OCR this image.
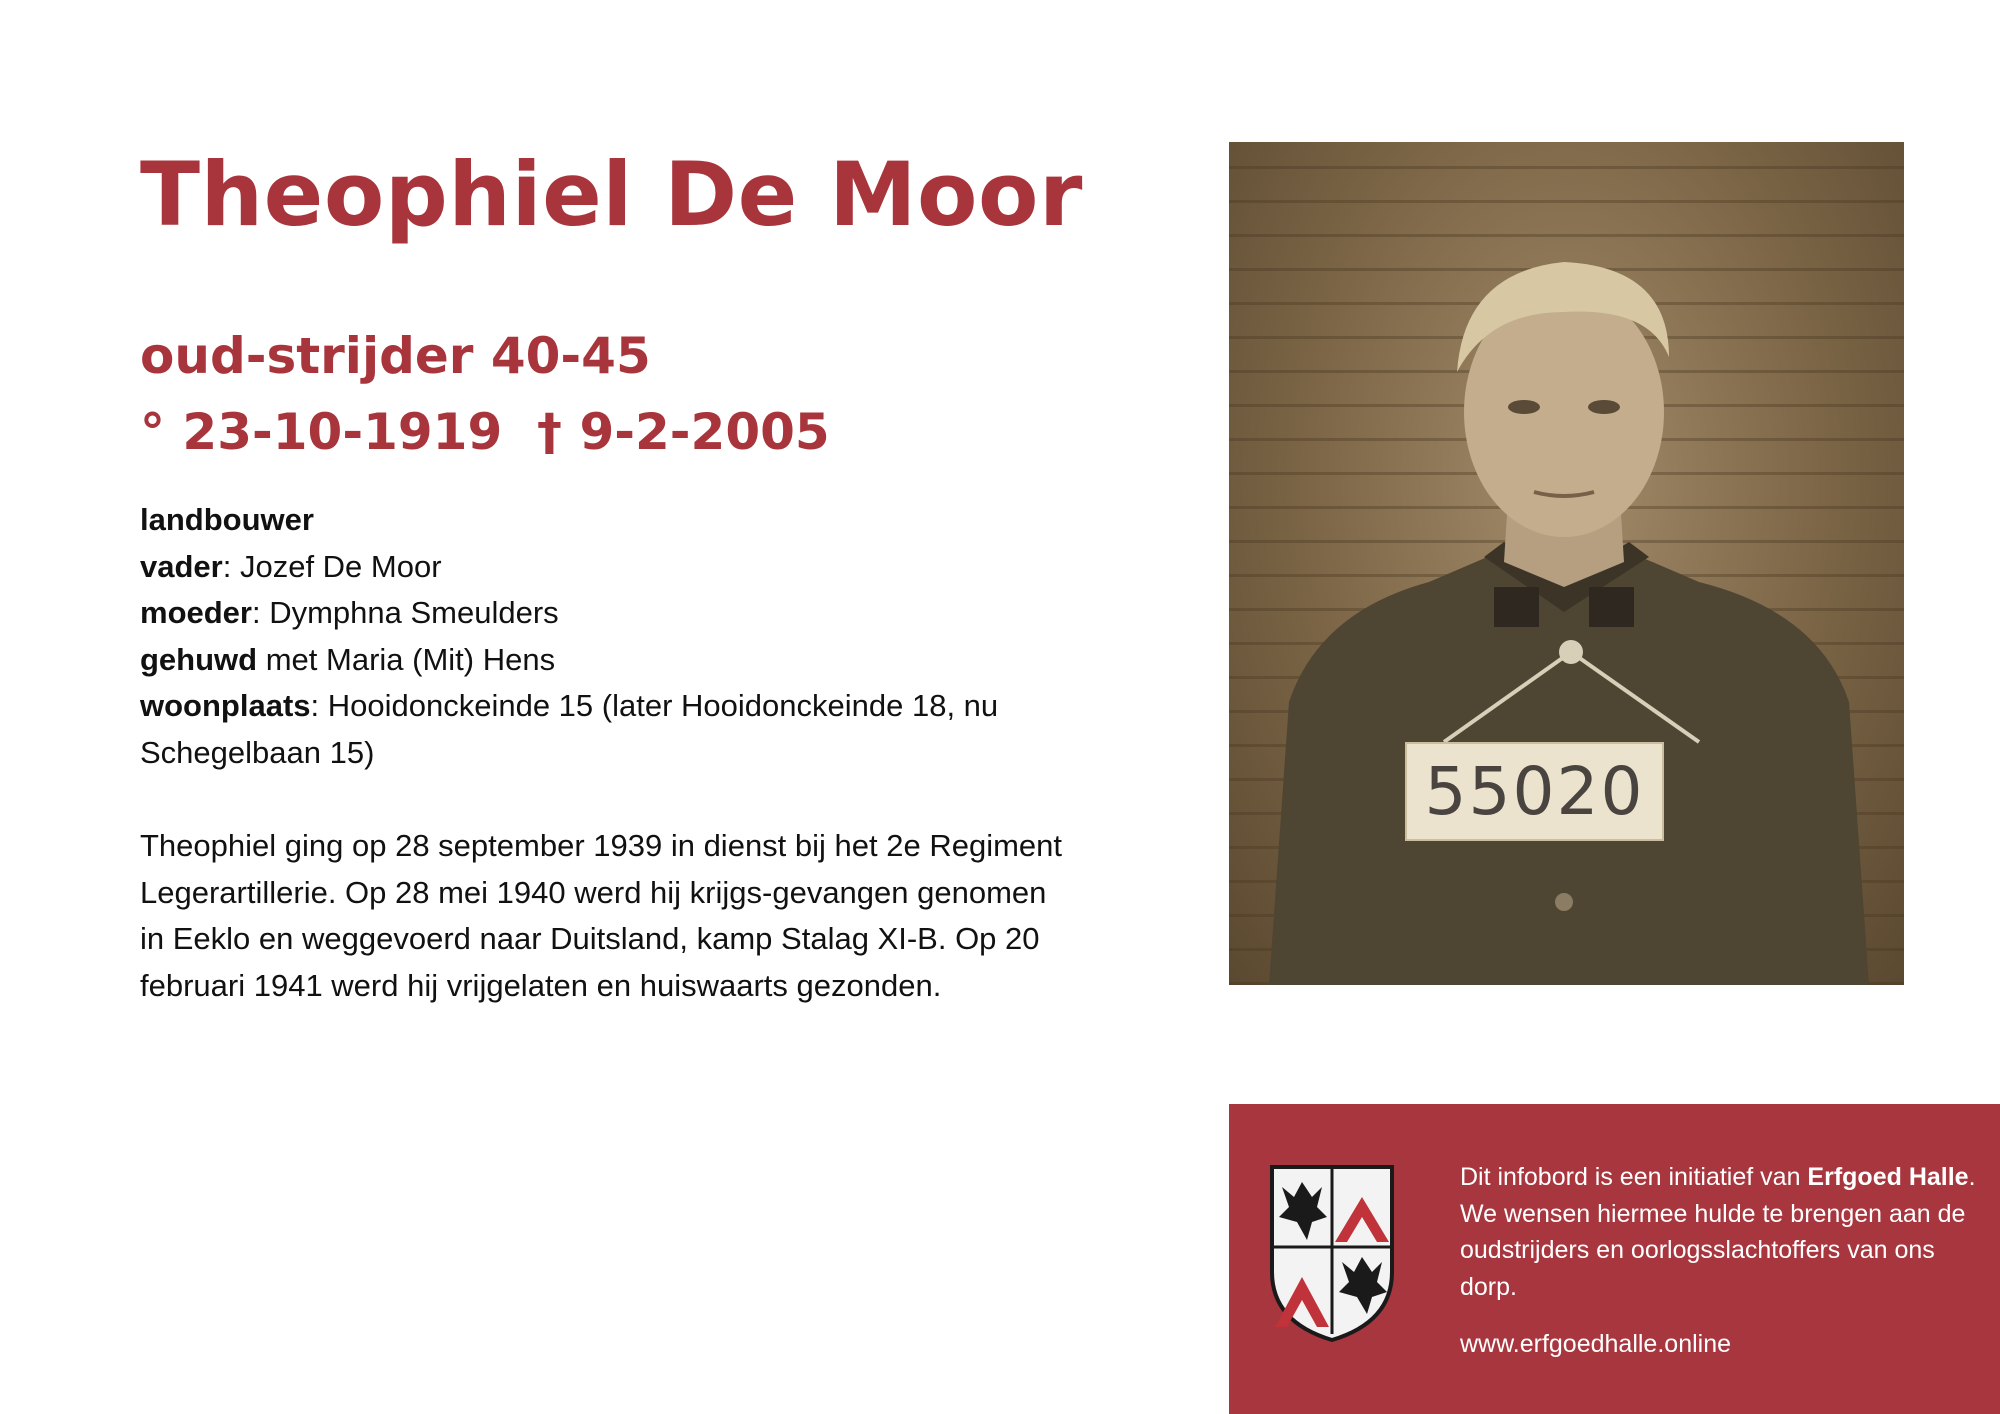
Theophiel De Moor
oud-strijder 40-45
° 23-10-1919  † 9-2-2005
landbouwer
vader: Jozef De Moor
moeder: Dymphna Smeulders
gehuwd met Maria (Mit) Hens
woonplaats: Hooidonckeinde 15 (later Hooidonckeinde 18, nu Schegelbaan 15)

Theophiel ging op 28 september 1939 in dienst bij het 2e Regiment Legerartillerie. Op 28 mei 1940 werd hij krijgs-gevangen genomen in Eeklo en weggevoerd naar Duitsland, kamp Stalag XI-B. Op 20 februari 1941 werd hij vrijgelaten en huiswaarts gezonden.

55020
Dit infobord is een initiatief van Erfgoed Halle. We wensen hiermee hulde te brengen aan de oudstrijders en oorlogsslachtoffers van ons dorp.
www.erfgoedhalle.online
